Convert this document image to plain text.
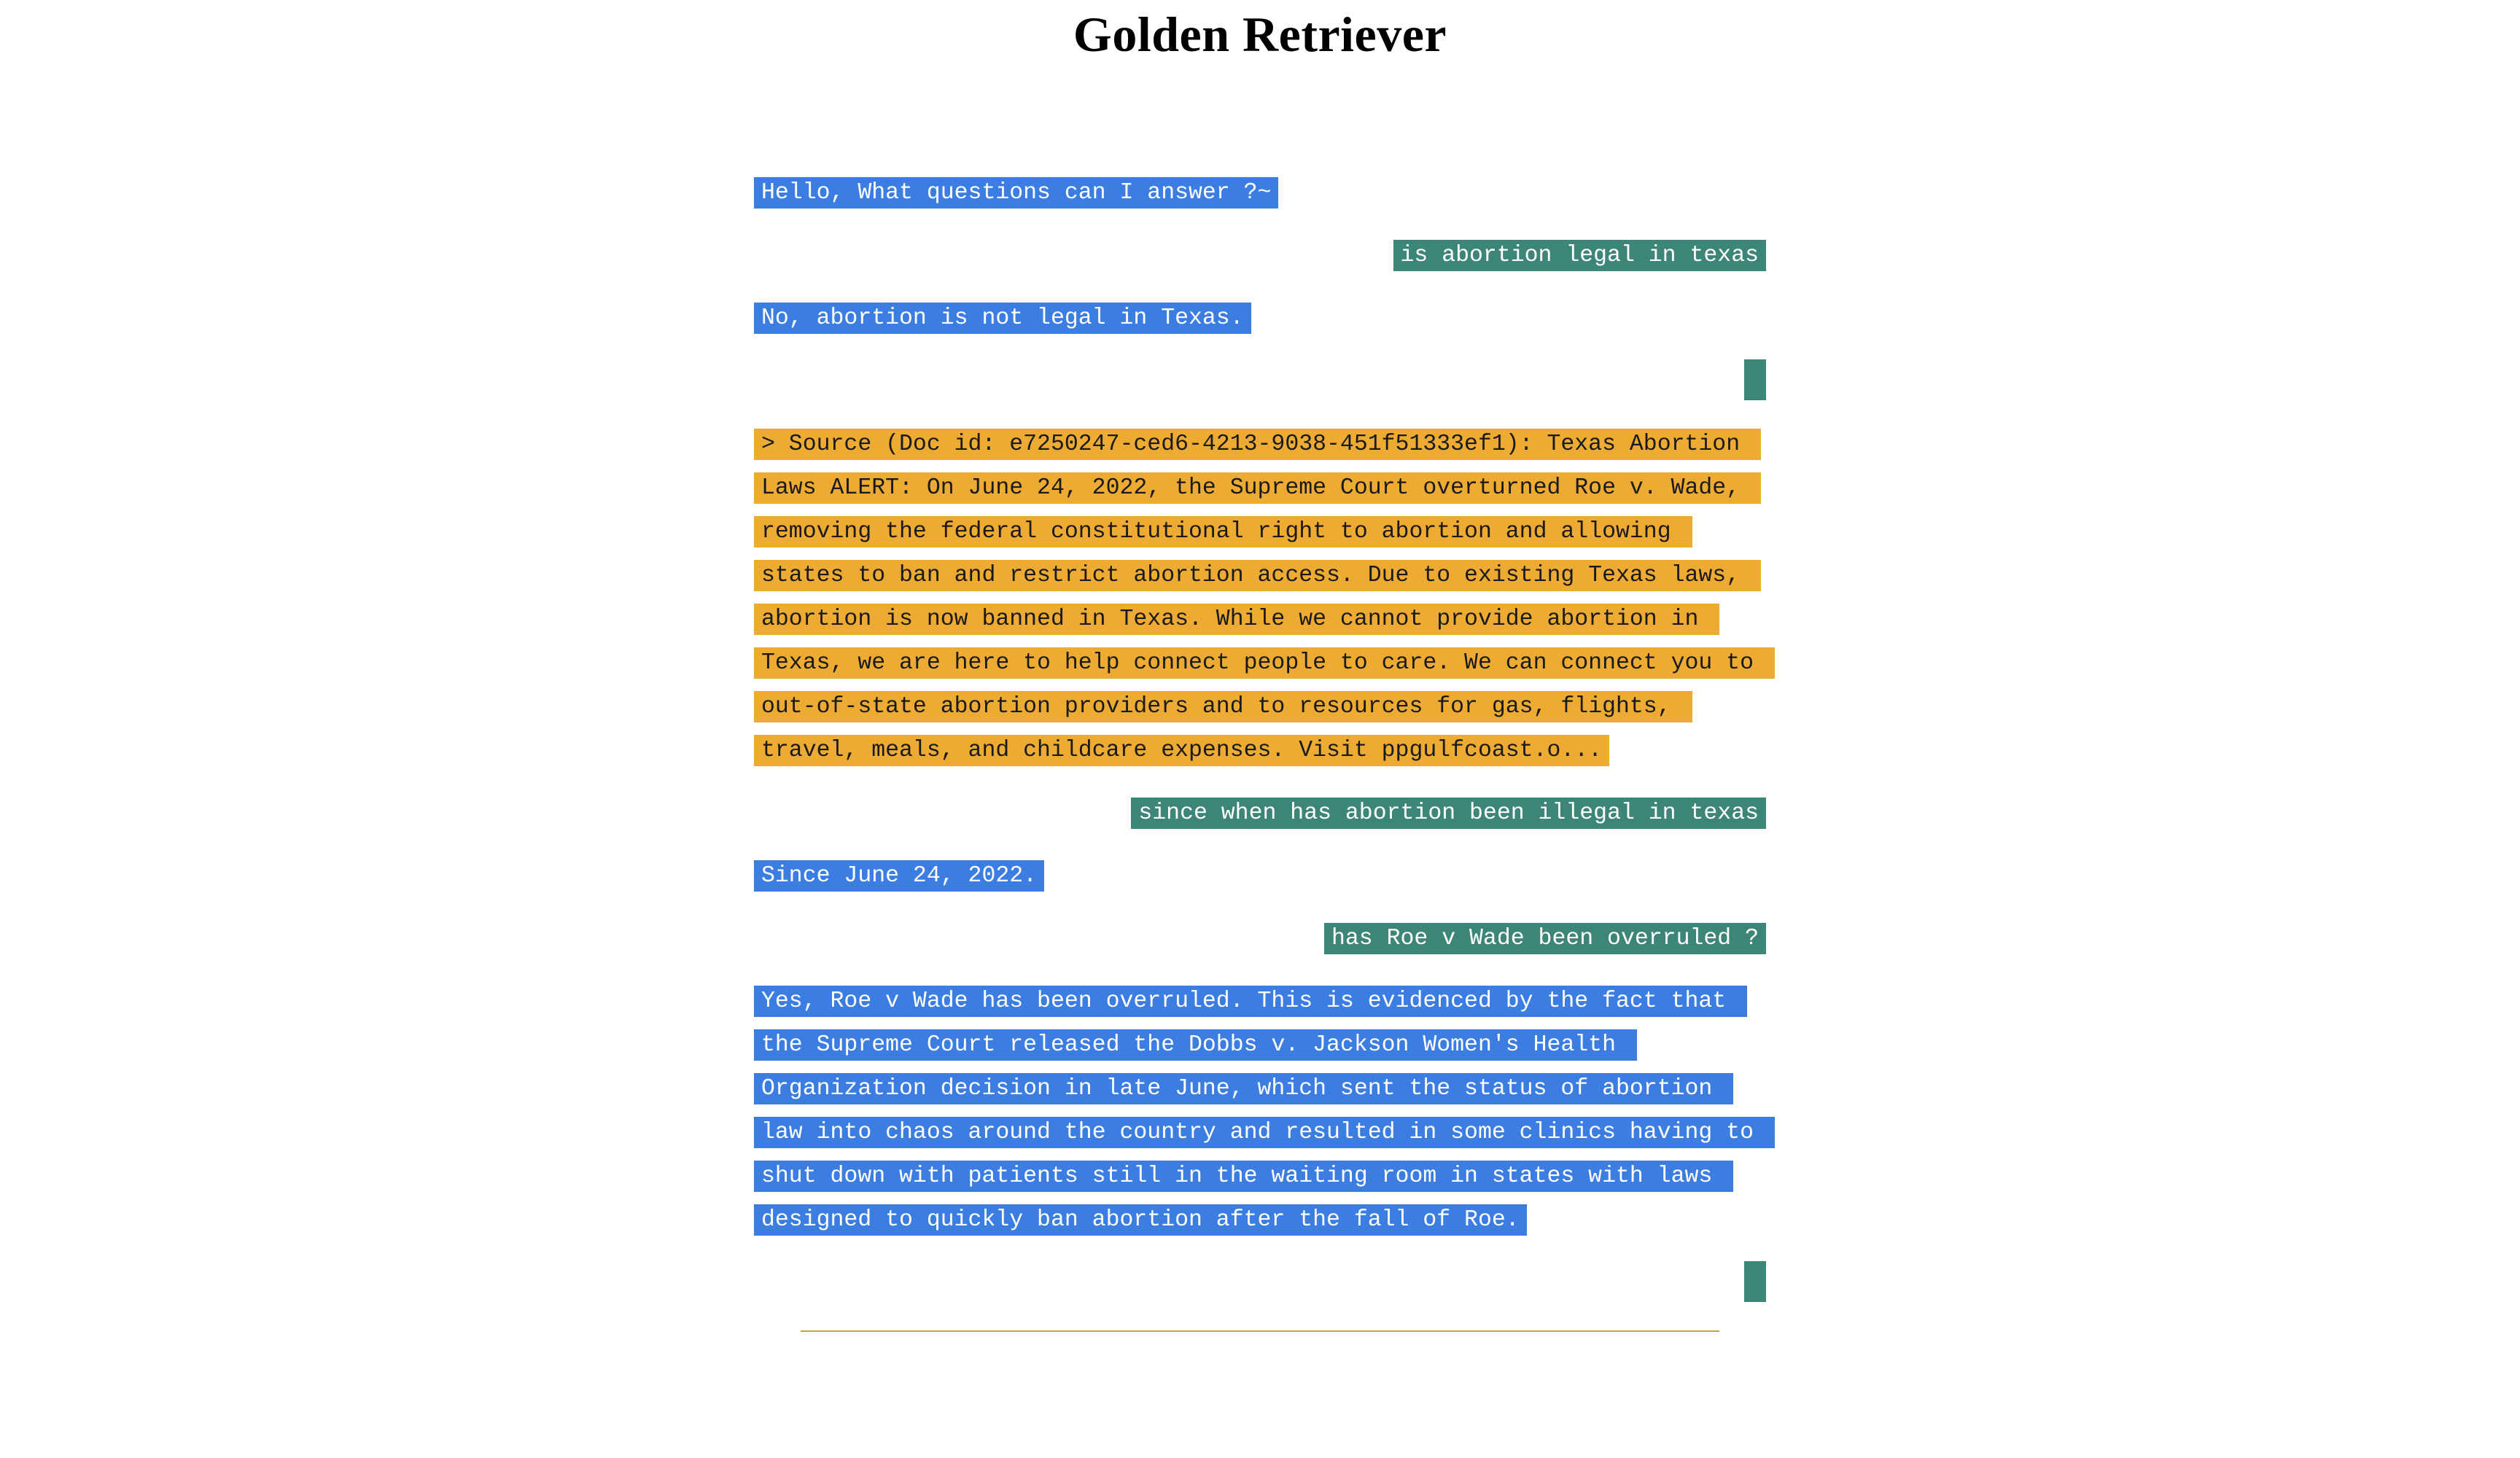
Golden Retriever
Hello, What questions can I answer ?~
is abortion legal in texas
No, abortion is not legal in Texas.
> Source (Doc id: e7250247-ced6-4213-9038-451f51333ef1): Texas Abortion Laws ALERT: On June 24, 2022, the Supreme Court overturned Roe v. Wade, removing the federal constitutional right to abortion and allowing states to ban and restrict abortion access. Due to existing Texas laws, abortion is now banned in Texas. While we cannot provide abortion in Texas, we are here to help connect people to care. We can connect you to out-of-state abortion providers and to resources for gas, flights, travel, meals, and childcare expenses. Visit ppgulfcoast.o...
since when has abortion been illegal in texas
Since June 24, 2022.
has Roe v Wade been overruled ?
Yes, Roe v Wade has been overruled. This is evidenced by the fact that the Supreme Court released the Dobbs v. Jackson Women's Health Organization decision in late June, which sent the status of abortion law into chaos around the country and resulted in some clinics having to shut down with patients still in the waiting room in states with laws designed to quickly ban abortion after the fall of Roe.
